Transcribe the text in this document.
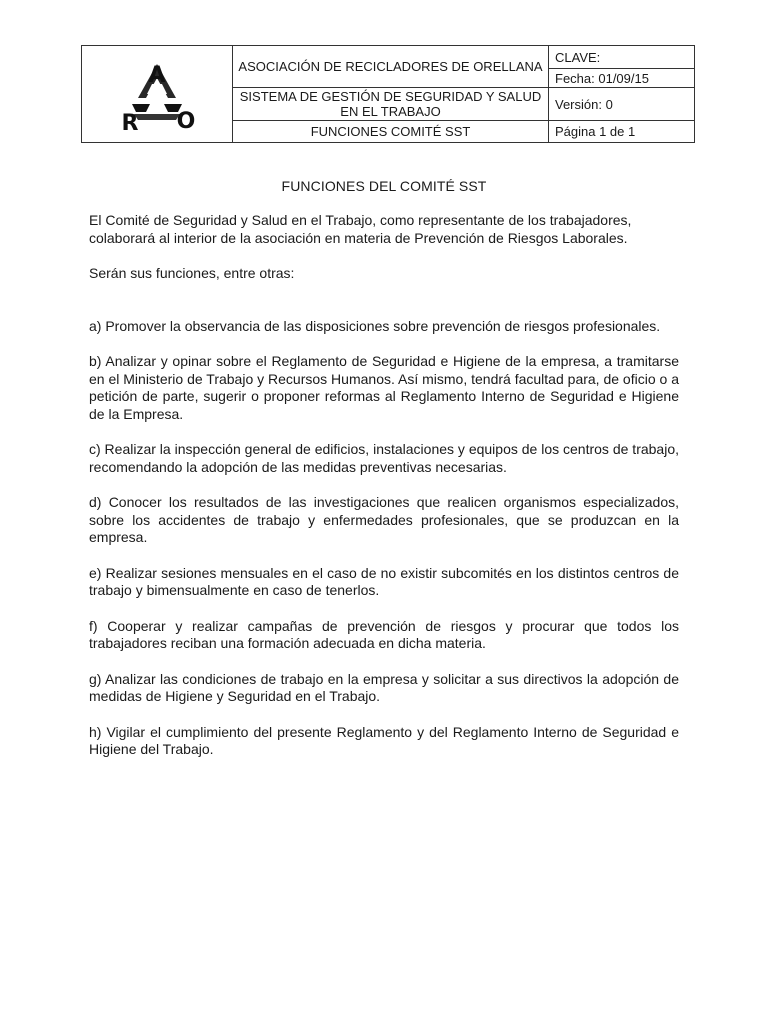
A
R O	ASOCIACIÓN DE RECICLADORES DE ORELLANA	CLAVE:
		Fecha: 01/09/15
	SISTEMA DE GESTIÓN DE SEGURIDAD Y SALUD EN EL TRABAJO	Versión: 0
	FUNCIONES COMITÉ SST	Página 1 de 1
FUNCIONES DEL COMITÉ SST

El Comité de Seguridad y Salud en el Trabajo, como representante de los trabajadores, colaborará al interior de la asociación en materia de Prevención de Riesgos Laborales.

Serán sus funciones, entre otras:

a) Promover la observancia de las disposiciones sobre prevención de riesgos profesionales.

b) Analizar y opinar sobre el Reglamento de Seguridad e Higiene de la empresa, a tramitarse en el Ministerio de Trabajo y Recursos Humanos. Así mismo, tendrá facultad para, de oficio o a petición de parte, sugerir o proponer reformas al Reglamento Interno de Seguridad e Higiene de la Empresa.

c) Realizar la inspección general de edificios, instalaciones y equipos de los centros de trabajo, recomendando la adopción de las medidas preventivas necesarias.

d) Conocer los resultados de las investigaciones que realicen organismos especializados, sobre los accidentes de trabajo y enfermedades profesionales, que se produzcan en la empresa.

e) Realizar sesiones mensuales en el caso de no existir subcomités en los distintos centros de trabajo y bimensualmente en caso de tenerlos.

f) Cooperar y realizar campañas de prevención de riesgos y procurar que todos los trabajadores reciban una formación adecuada en dicha materia.

g) Analizar las condiciones de trabajo en la empresa y solicitar a sus directivos la adopción de medidas de Higiene y Seguridad en el Trabajo.

h) Vigilar el cumplimiento del presente Reglamento y del Reglamento Interno de Seguridad e Higiene del Trabajo.
